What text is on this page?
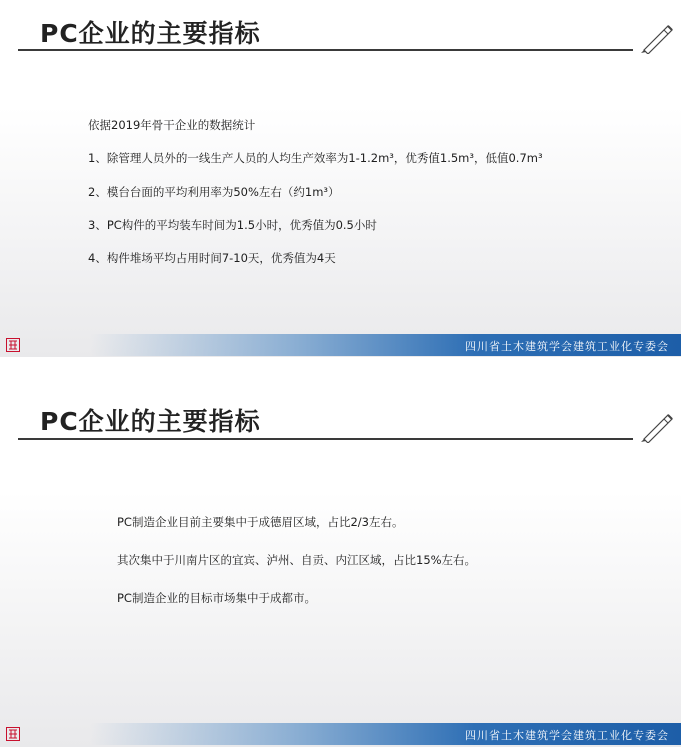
PC企业的主要指标
依据2019年骨干企业的数据统计
1、除管理人员外的一线生产人员的人均生产效率为1-1.2m³，优秀值1.5m³，低值0.7m³
2、模台台面的平均利用率为50%左右（约1m³）
3、PC构件的平均装车时间为1.5小时，优秀值为0.5小时
4、构件堆场平均占用时间7-10天，优秀值为4天
四川省土木建筑学会建筑工业化专委会
PC企业的主要指标
PC制造企业目前主要集中于成德眉区域，占比2/3左右。
其次集中于川南片区的宜宾、泸州、自贡、内江区域，占比15%左右。
PC制造企业的目标市场集中于成都市。
四川省土木建筑学会建筑工业化专委会
